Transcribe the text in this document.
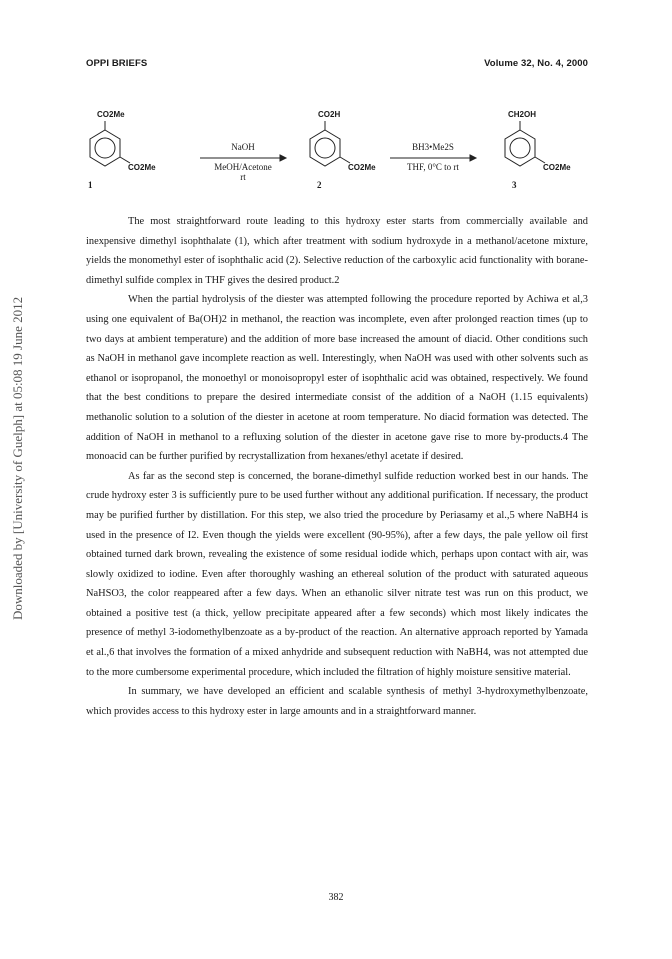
OPPI BRIEFS	Volume 32, No. 4, 2000
Downloaded by [University of Guelph] at 05:08 19 June 2012
CO2Me
CO2Me
1
NaOH
MeOH/Acetone
rt
CO2H
CO2Me
2
BH3•Me2S
THF, 0°C to rt
CH2OH
CO2Me
3

The most straightforward route leading to this hydroxy ester starts from commercially available and inexpensive dimethyl isophthalate (1), which after treatment with sodium hydroxyde in a methanol/acetone mixture, yields the monomethyl ester of isophthalic acid (2). Selective reduction of the carboxylic acid functionality with borane-dimethyl sulfide complex in THF gives the desired product.2

When the partial hydrolysis of the diester was attempted following the procedure reported by Achiwa et al,3 using one equivalent of Ba(OH)2 in methanol, the reaction was incomplete, even after prolonged reaction times (up to two days at ambient temperature) and the addition of more base increased the amount of diacid. Other conditions such as NaOH in methanol gave incomplete reaction as well. Interestingly, when NaOH was used with other solvents such as ethanol or isopropanol, the monoethyl or monoisopropyl ester of isophthalic acid was obtained, respectively. We found that the best conditions to prepare the desired intermediate consist of the addition of a NaOH (1.15 equivalents) methanolic solution to a solution of the diester in acetone at room temperature. No diacid formation was detected. The addition of NaOH in methanol to a refluxing solution of the diester in acetone gave rise to more by-products.4 The monoacid can be further purified by recrystallization from hexanes/ethyl acetate if desired.

As far as the second step is concerned, the borane-dimethyl sulfide reduction worked best in our hands. The crude hydroxy ester 3 is sufficiently pure to be used further without any additional purification. If necessary, the product may be purified further by distillation. For this step, we also tried the procedure by Periasamy et al.,5 where NaBH4 is used in the presence of I2. Even though the yields were excellent (90-95%), after a few days, the pale yellow oil first obtained turned dark brown, revealing the existence of some residual iodide which, perhaps upon contact with air, was slowly oxidized to iodine. Even after thoroughly washing an ethereal solution of the product with saturated aqueous NaHSO3, the color reappeared after a few days. When an ethanolic silver nitrate test was run on this product, we obtained a positive test (a thick, yellow precipitate appeared after a few seconds) which most likely indicates the presence of methyl 3-iodomethylbenzoate as a by-product of the reaction. An alternative approach reported by Yamada et al.,6 that involves the formation of a mixed anhydride and subsequent reduction with NaBH4, was not attempted due to the more cumbersome experimental procedure, which included the filtration of highly moisture sensitive material.

In summary, we have developed an efficient and scalable synthesis of methyl 3-hydroxymethylbenzoate, which provides access to this hydroxy ester in large amounts and in a straightforward manner.

382
